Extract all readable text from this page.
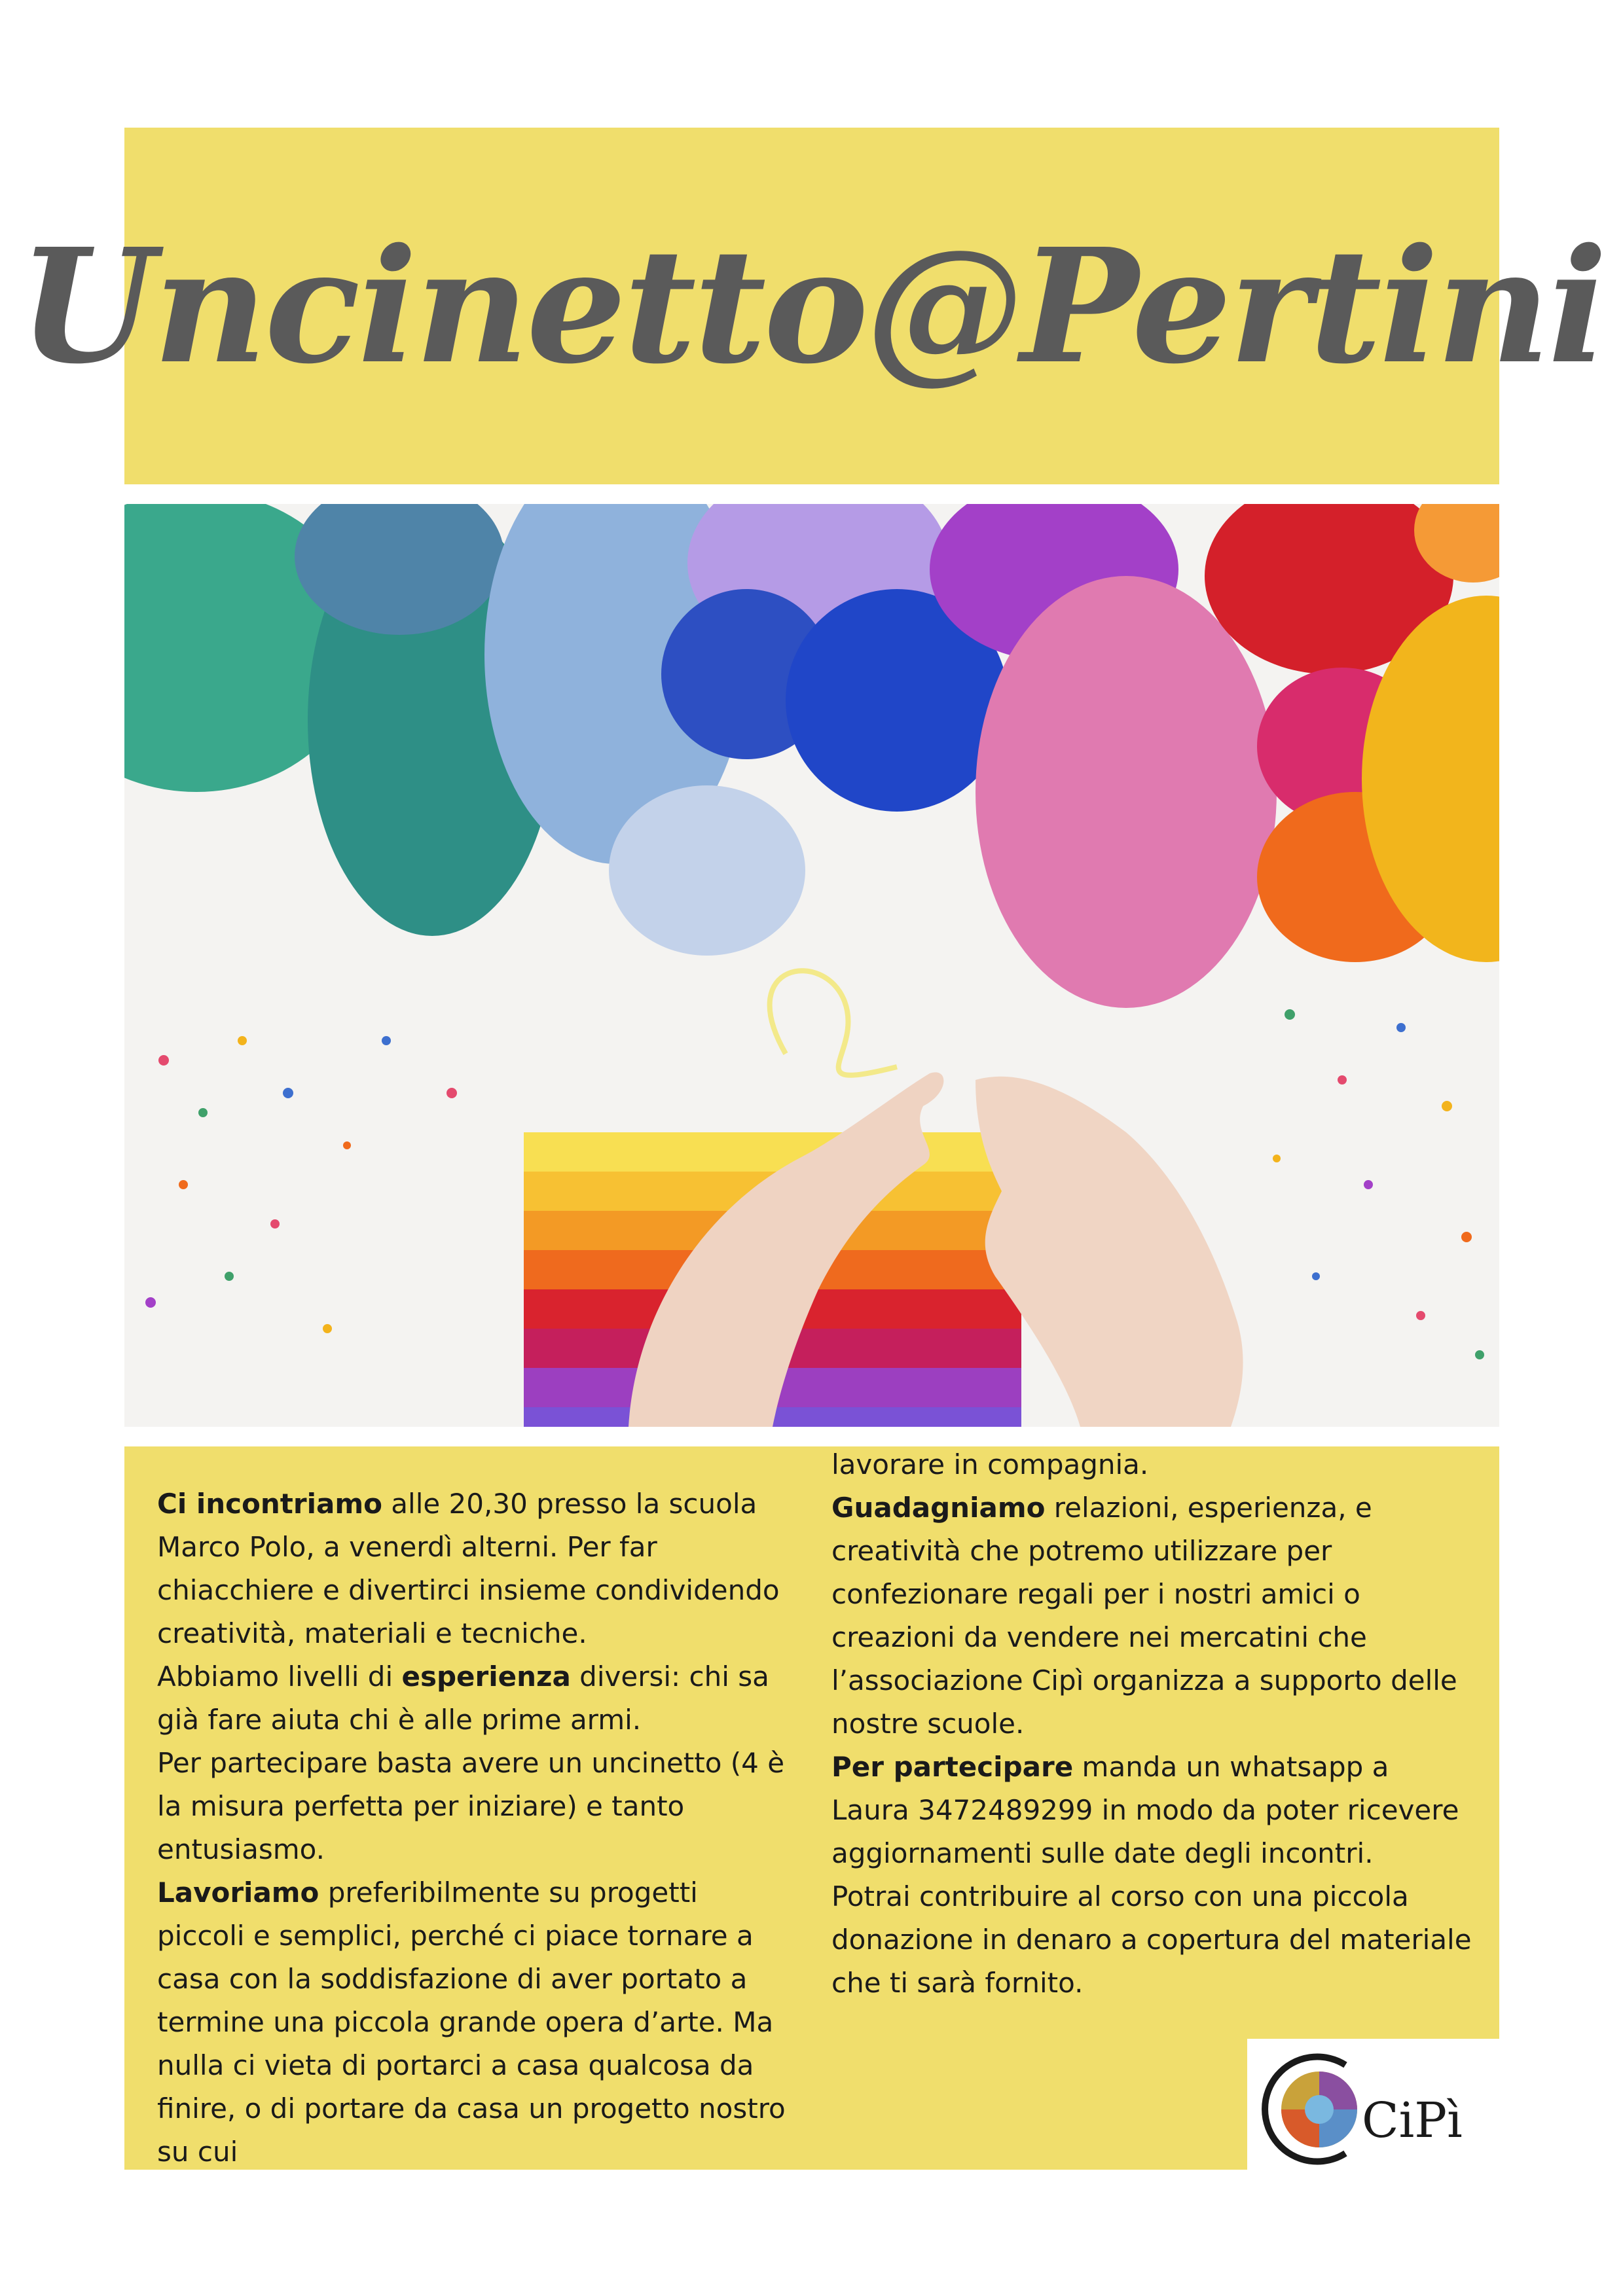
Uncinetto@Pertini

Ci incontriamo alle 20,30 presso la scuola Marco Polo, a venerdì alterni. Per far chiacchiere e divertirci insieme condividendo creatività, materiali e tecniche.

Abbiamo livelli di esperienza diversi: chi sa già fare aiuta chi è alle prime armi.

Per partecipare basta avere un uncinetto (4 è la misura perfetta per iniziare) e tanto entusiasmo.

Lavoriamo preferibilmente su progetti piccoli e semplici, perché ci piace tornare a casa con la soddisfazione di aver portato a termine una piccola grande opera d’arte. Ma nulla ci vieta di portarci a casa qualcosa da finire, o di portare da casa un progetto nostro su cui

lavorare in compagnia.

Guadagniamo relazioni, esperienza, e creatività che potremo utilizzare per confezionare regali per i nostri amici o creazioni da vendere nei mercatini che l’associazione Cipì organizza a supporto delle nostre scuole.

Per partecipare manda un whatsapp a Laura 3472489299 in modo da poter ricevere aggiornamenti sulle date degli incontri.

Potrai contribuire al corso con una piccola donazione in denaro a copertura del materiale che ti sarà fornito.

CiPì
